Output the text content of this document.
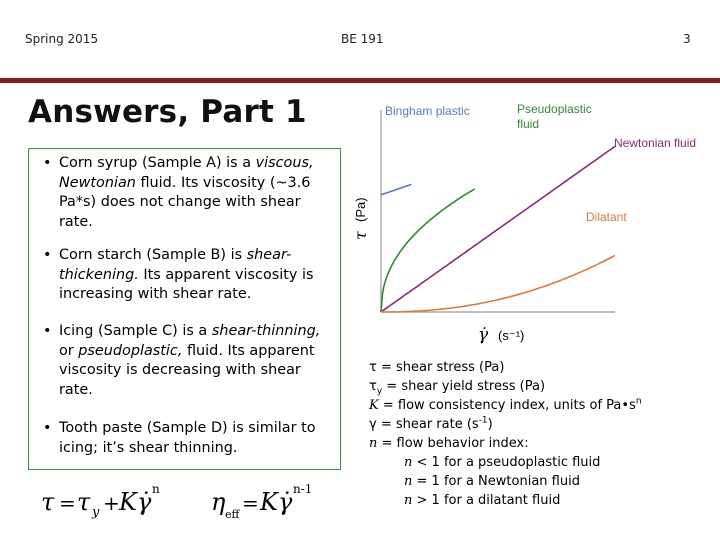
Spring 2015	BE 191	3
Answers, Part 1
• Corn syrup (Sample A) is a viscous, Newtonian fluid. Its viscosity (~3.6 Pa*s) does not change with shear rate.
• Corn starch (Sample B) is shear-thickening. Its apparent viscosity is increasing with shear rate.
• Icing (Sample C) is a shear-thinning, or pseudoplastic, fluid. Its apparent viscosity is decreasing with shear rate.
• Tooth paste (Sample D) is similar to icing; it’s shear thinning.
Bingham plastic	Pseudoplastic fluid
Newtonian fluid
Dilatant
τ
(Pa)
γ̇ (s⁻¹)
τ = shear stress (Pa)
$\tau_y$ = shear yield stress (Pa)
K = flow consistency index, units of $Pa•s^n$
γ = shear rate $(s^{-1})$
n = flow behavior index:
n < 1 for a pseudoplastic fluid
n = 1 for a Newtonian fluid
n > 1 for a dilatant fluid
τ = τ y + K γ̇ n η eff = K γ̇ n-1
